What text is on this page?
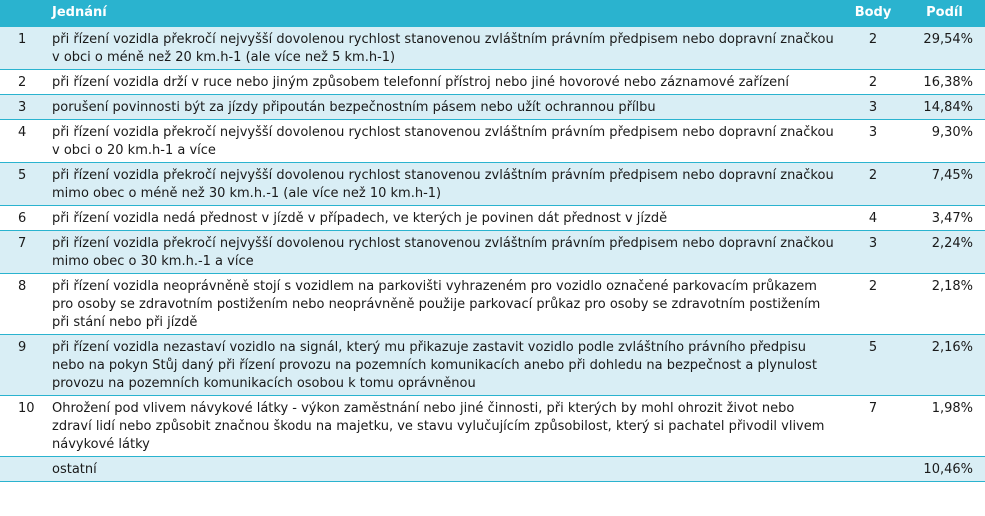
	Jednání	Body	Podíl
1	při řízení vozidla překročí nejvyšší dovolenou rychlost stanovenou zvláštním právním předpisem nebo dopravní značkou v obci o méně než 20 km.h-1 (ale více než 5 km.h-1)	2	29,54%
2	při řízení vozidla drží v ruce nebo jiným způsobem telefonní přístroj nebo jiné hovorové nebo záznamové zařízení	2	16,38%
3	porušení povinnosti být za jízdy připoután bezpečnostním pásem nebo užít ochrannou přílbu	3	14,84%
4	při řízení vozidla překročí nejvyšší dovolenou rychlost stanovenou zvláštním právním předpisem nebo dopravní značkou v obci o 20 km.h-1 a více	3	9,30%
5	při řízení vozidla překročí nejvyšší dovolenou rychlost stanovenou zvláštním právním předpisem nebo dopravní značkou mimo obec o méně než 30 km.h.-1 (ale více než 10 km.h-1)	2	7,45%
6	při řízení vozidla nedá přednost v jízdě v případech, ve kterých je povinen dát přednost v jízdě	4	3,47%
7	při řízení vozidla překročí nejvyšší dovolenou rychlost stanovenou zvláštním právním předpisem nebo dopravní značkou mimo obec o 30 km.h.-1 a více	3	2,24%
8	při řízení vozidla neoprávněně stojí s vozidlem na parkovišti vyhrazeném pro vozidlo označené parkovacím průkazem pro osoby se zdravotním postižením nebo neoprávněně použije parkovací průkaz pro osoby se zdravotním postižením při stání nebo při jízdě	2	2,18%
9	při řízení vozidla nezastaví vozidlo na signál, který mu přikazuje zastavit vozidlo podle zvláštního právního předpisu nebo na pokyn Stůj daný při řízení provozu na pozemních komunikacích anebo při dohledu na bezpečnost a plynulost provozu na pozemních komunikacích osobou k tomu oprávněnou	5	2,16%
10	Ohrožení pod vlivem návykové látky - výkon zaměstnání nebo jiné činnosti, při kterých by mohl ohrozit život nebo zdraví lidí nebo způsobit značnou škodu na majetku, ve stavu vylučujícím způsobilost, který si pachatel přivodil vlivem návykové látky	7	1,98%
	ostatní		10,46%
